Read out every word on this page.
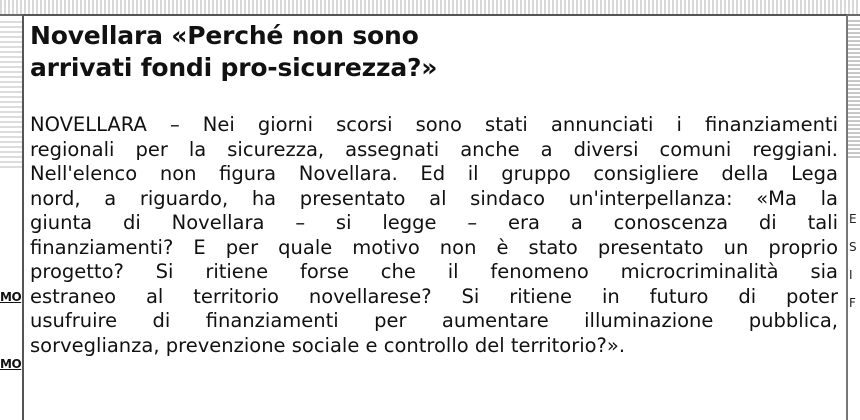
MO
MO
E
S
I
F
Novellara «Perché non sono
arrivati fondi pro-sicurezza?»
NOVELLARA – Nei giorni scorsi sono stati annunciati i finanziamenti
regionali per la sicurezza, assegnati anche a diversi comuni reggiani.
Nell'elenco non figura Novellara. Ed il gruppo consigliere della Lega
nord, a riguardo, ha presentato al sindaco un'interpellanza: «Ma la
giunta di Novellara – si legge – era a conoscenza di tali
finanziamenti? E per quale motivo non è stato presentato un proprio
progetto? Si ritiene forse che il fenomeno microcriminalità sia
estraneo al territorio novellarese? Si ritiene in futuro di poter
usufruire di finanziamenti per aumentare illuminazione pubblica,
sorveglianza, prevenzione sociale e controllo del territorio?».
